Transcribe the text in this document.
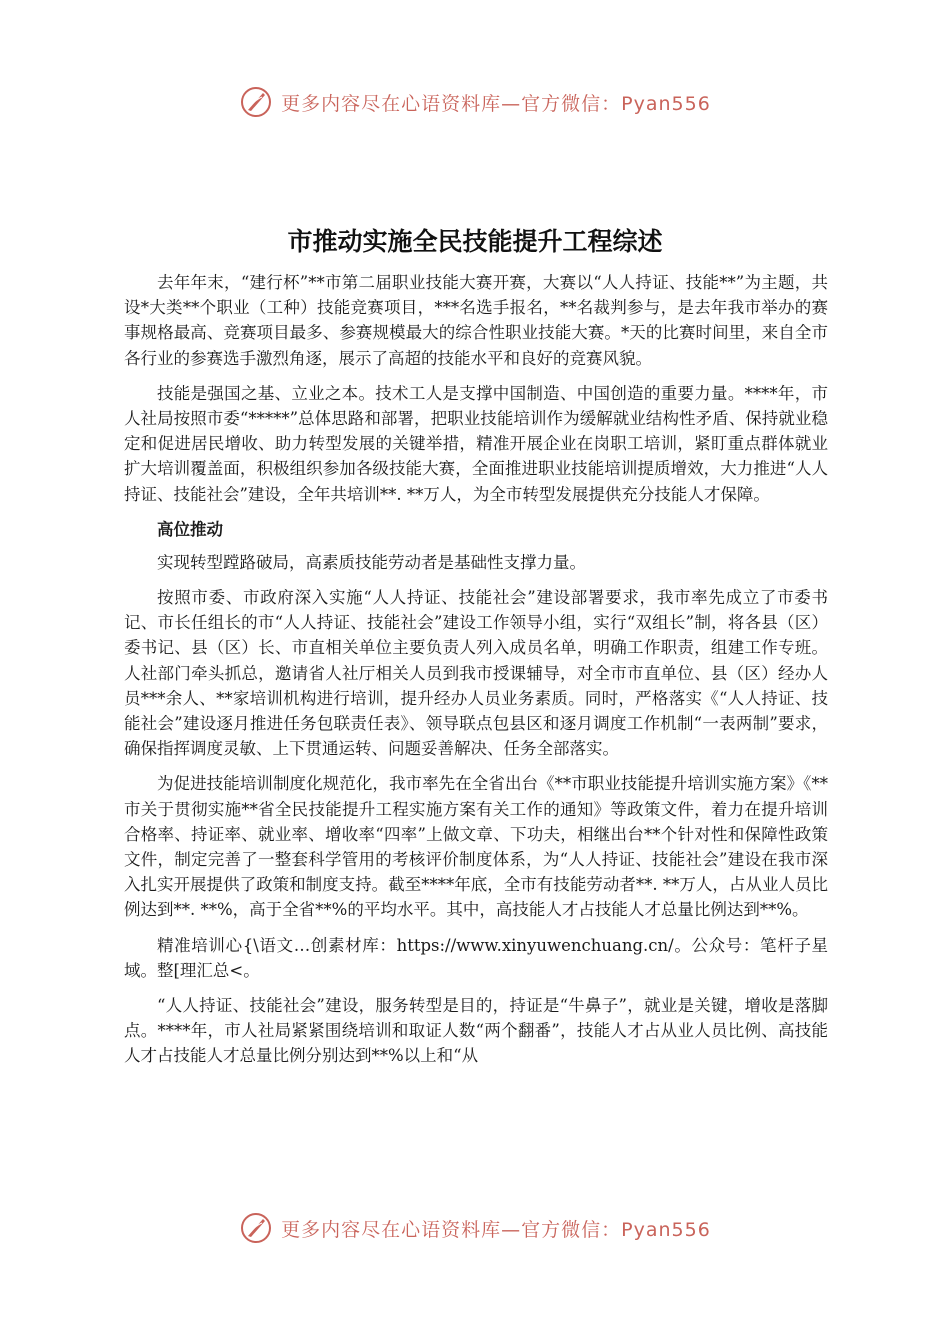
更多内容尽在心语资料库—官方微信：Pyan556
市推动实施全民技能提升工程综述

去年年末，“建行杯”**市第二届职业技能大赛开赛，大赛以“人人持证、技能**”为主题，共设*大类**个职业（工种）技能竞赛项目，***名选手报名，**名裁判参与，是去年我市举办的赛事规格最高、竞赛项目最多、参赛规模最大的综合性职业技能大赛。*天的比赛时间里，来自全市各行业的参赛选手激烈角逐，展示了高超的技能水平和良好的竞赛风貌。

技能是强国之基、立业之本。技术工人是支撑中国制造、中国创造的重要力量。****年，市人社局按照市委“*****”总体思路和部署，把职业技能培训作为缓解就业结构性矛盾、保持就业稳定和促进居民增收、助力转型发展的关键举措，精准开展企业在岗职工培训，紧盯重点群体就业扩大培训覆盖面，积极组织参加各级技能大赛，全面推进职业技能培训提质增效，大力推进“人人持证、技能社会”建设，全年共培训**. **万人，为全市转型发展提供充分技能人才保障。

高位推动

实现转型蹚路破局，高素质技能劳动者是基础性支撑力量。

按照市委、市政府深入实施“人人持证、技能社会”建设部署要求，我市率先成立了市委书记、市长任组长的市“人人持证、技能社会”建设工作领导小组，实行“双组长”制，将各县（区）委书记、县（区）长、市直相关单位主要负责人列入成员名单，明确工作职责，组建工作专班。人社部门牵头抓总，邀请省人社厅相关人员到我市授课辅导，对全市市直单位、县（区）经办人员***余人、**家培训机构进行培训，提升经办人员业务素质。同时，严格落实《“人人持证、技能社会”建设逐月推进任务包联责任表》、领导联点包县区和逐月调度工作机制“一表两制”要求，确保指挥调度灵敏、上下贯通运转、问题妥善解决、任务全部落实。

为促进技能培训制度化规范化，我市率先在全省出台《**市职业技能提升培训实施方案》《**市关于贯彻实施**省全民技能提升工程实施方案有关工作的通知》等政策文件，着力在提升培训合格率、持证率、就业率、增收率“四率”上做文章、下功夫，相继出台**个针对性和保障性政策文件，制定完善了一整套科学管用的考核评价制度体系，为“人人持证、技能社会”建设在我市深入扎实开展提供了政策和制度支持。截至****年底，全市有技能劳动者**. **万人，占从业人员比例达到**. **%，高于全省**%的平均水平。其中，高技能人才占技能人才总量比例达到**%。

精准培训心{\语文…创素材库：https://www.xinyuwenchuang.cn/。公众号：笔杆子星域。整[理汇总<。

“人人持证、技能社会”建设，服务转型是目的，持证是“牛鼻子”，就业是关键，增收是落脚点。****年，市人社局紧紧围绕培训和取证人数“两个翻番”，技能人才占从业人员比例、高技能人才占技能人才总量比例分别达到**%以上和“从

更多内容尽在心语资料库—官方微信：Pyan556
